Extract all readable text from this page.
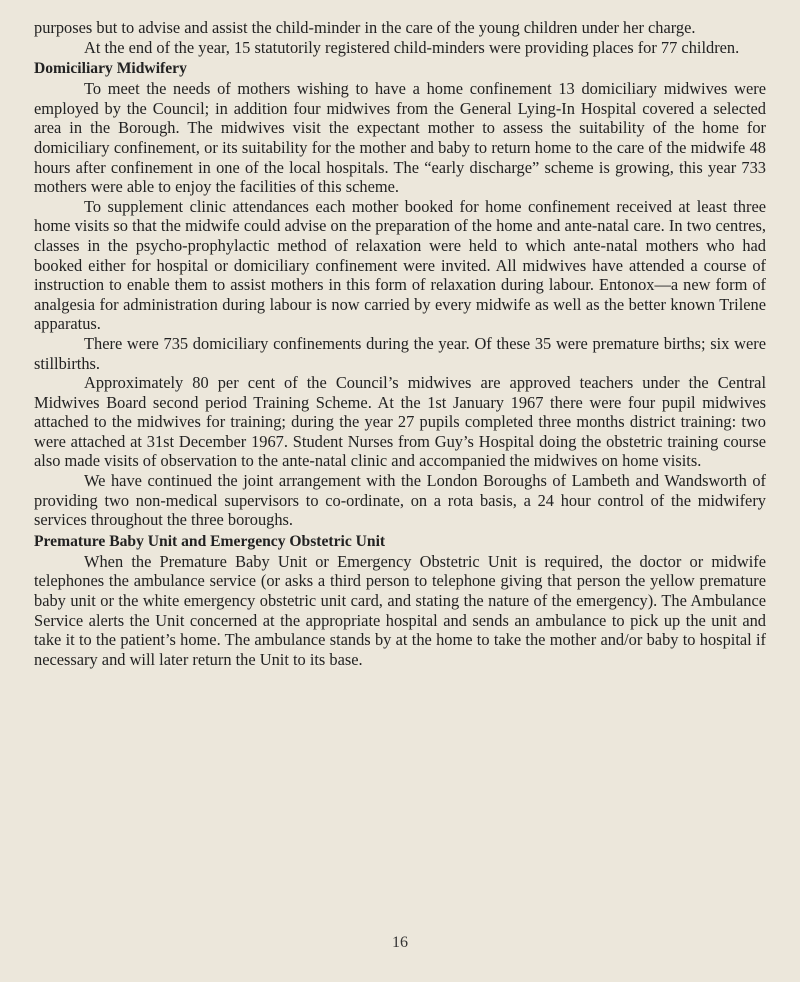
purposes but to advise and assist the child-minder in the care of the young children under her charge.

At the end of the year, 15 statutorily registered child-minders were providing places for 77 children.

Domiciliary Midwifery

To meet the needs of mothers wishing to have a home confinement 13 domiciliary midwives were employed by the Council; in addition four midwives from the General Lying-In Hospital covered a selected area in the Borough. The midwives visit the expectant mother to assess the suitability of the home for domiciliary confinement, or its suitability for the mother and baby to return home to the care of the midwife 48 hours after confinement in one of the local hospitals. The “early discharge” scheme is growing, this year 733 mothers were able to enjoy the facilities of this scheme.

To supplement clinic attendances each mother booked for home confinement received at least three home visits so that the midwife could advise on the preparation of the home and ante-natal care. In two centres, classes in the psycho-prophylactic method of relaxation were held to which ante-natal mothers who had booked either for hospital or domiciliary confinement were invited. All midwives have attended a course of instruction to enable them to assist mothers in this form of relaxation during labour. Entonox—a new form of analgesia for administration during labour is now carried by every midwife as well as the better known Trilene apparatus.

There were 735 domiciliary confinements during the year. Of these 35 were premature births; six were stillbirths.

Approximately 80 per cent of the Council’s midwives are approved teachers under the Central Midwives Board second period Training Scheme. At the 1st January 1967 there were four pupil midwives attached to the midwives for training; during the year 27 pupils completed three months district training: two were attached at 31st December 1967. Student Nurses from Guy’s Hospital doing the obstetric training course also made visits of observation to the ante-natal clinic and accompanied the midwives on home visits.

We have continued the joint arrangement with the London Boroughs of Lambeth and Wandsworth of providing two non-medical supervisors to co-ordinate, on a rota basis, a 24 hour control of the midwifery services throughout the three boroughs.

Premature Baby Unit and Emergency Obstetric Unit

When the Premature Baby Unit or Emergency Obstetric Unit is required, the doctor or midwife telephones the ambulance service (or asks a third person to telephone giving that person the yellow premature baby unit or the white emergency obstetric unit card, and stating the nature of the emergency). The Ambulance Service alerts the Unit concerned at the appropriate hospital and sends an ambulance to pick up the unit and take it to the patient’s home. The ambulance stands by at the home to take the mother and/or baby to hospital if necessary and will later return the Unit to its base.

16
